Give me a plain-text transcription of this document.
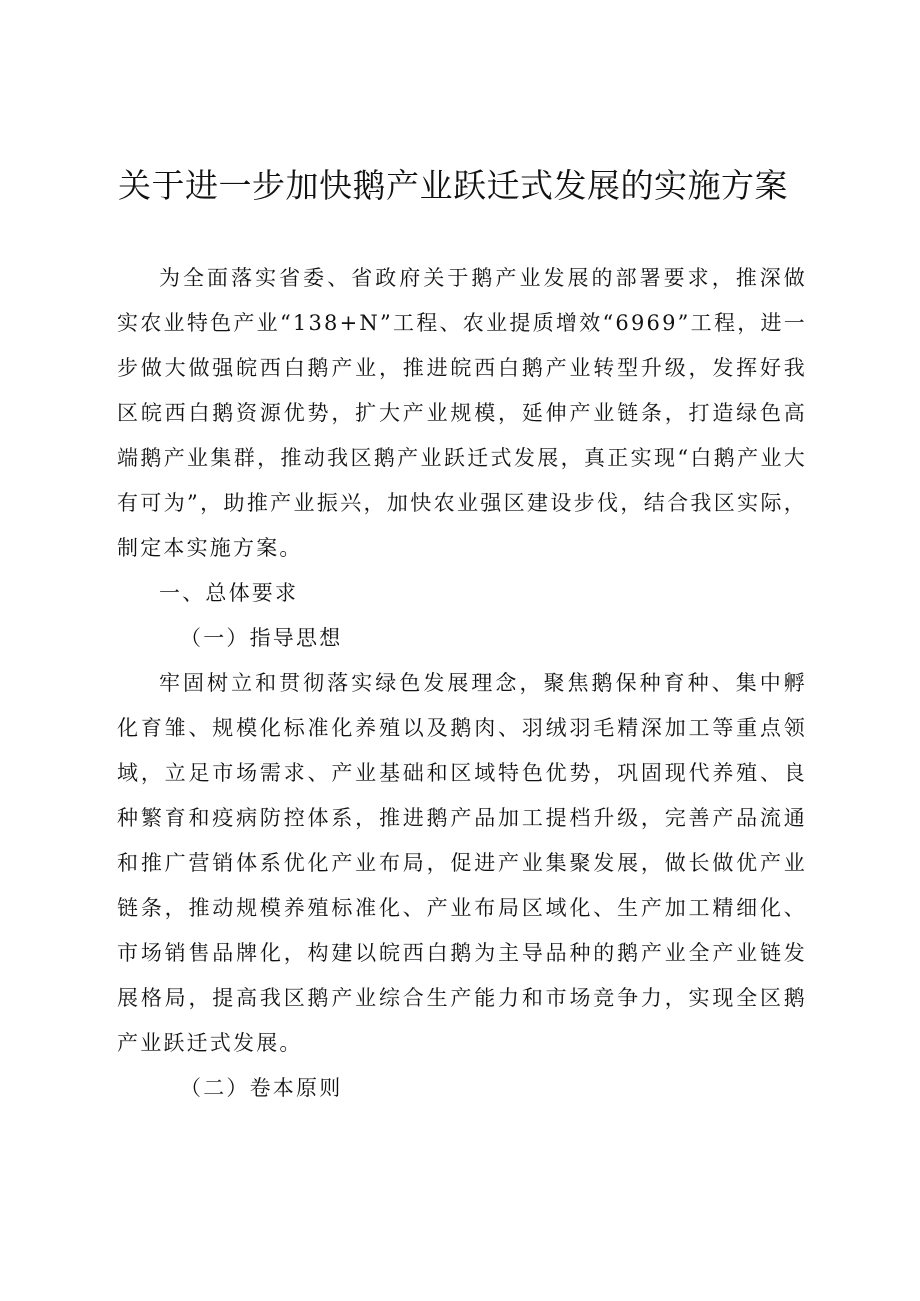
关于进一步加快鹅产业跃迁式发展的实施方案

为全面落实省委、省政府关于鹅产业发展的部署要求，推深做实农业特色产业“138+N”工程、农业提质增效“6969”工程，进一步做大做强皖西白鹅产业，推进皖西白鹅产业转型升级，发挥好我区皖西白鹅资源优势，扩大产业规模，延伸产业链条，打造绿色高端鹅产业集群，推动我区鹅产业跃迁式发展，真正实现“白鹅产业大有可为”，助推产业振兴，加快农业强区建设步伐，结合我区实际，制定本实施方案。

一、总体要求

（一）指导思想

牢固树立和贯彻落实绿色发展理念，聚焦鹅保种育种、集中孵化育雏、规模化标准化养殖以及鹅肉、羽绒羽毛精深加工等重点领域，立足市场需求、产业基础和区域特色优势，巩固现代养殖、良种繁育和疫病防控体系，推进鹅产品加工提档升级，完善产品流通和推广营销体系优化产业布局，促进产业集聚发展，做长做优产业链条，推动规模养殖标准化、产业布局区域化、生产加工精细化、市场销售品牌化，构建以皖西白鹅为主导品种的鹅产业全产业链发展格局，提高我区鹅产业综合生产能力和市场竞争力，实现全区鹅产业跃迁式发展。

（二）卷本原则
